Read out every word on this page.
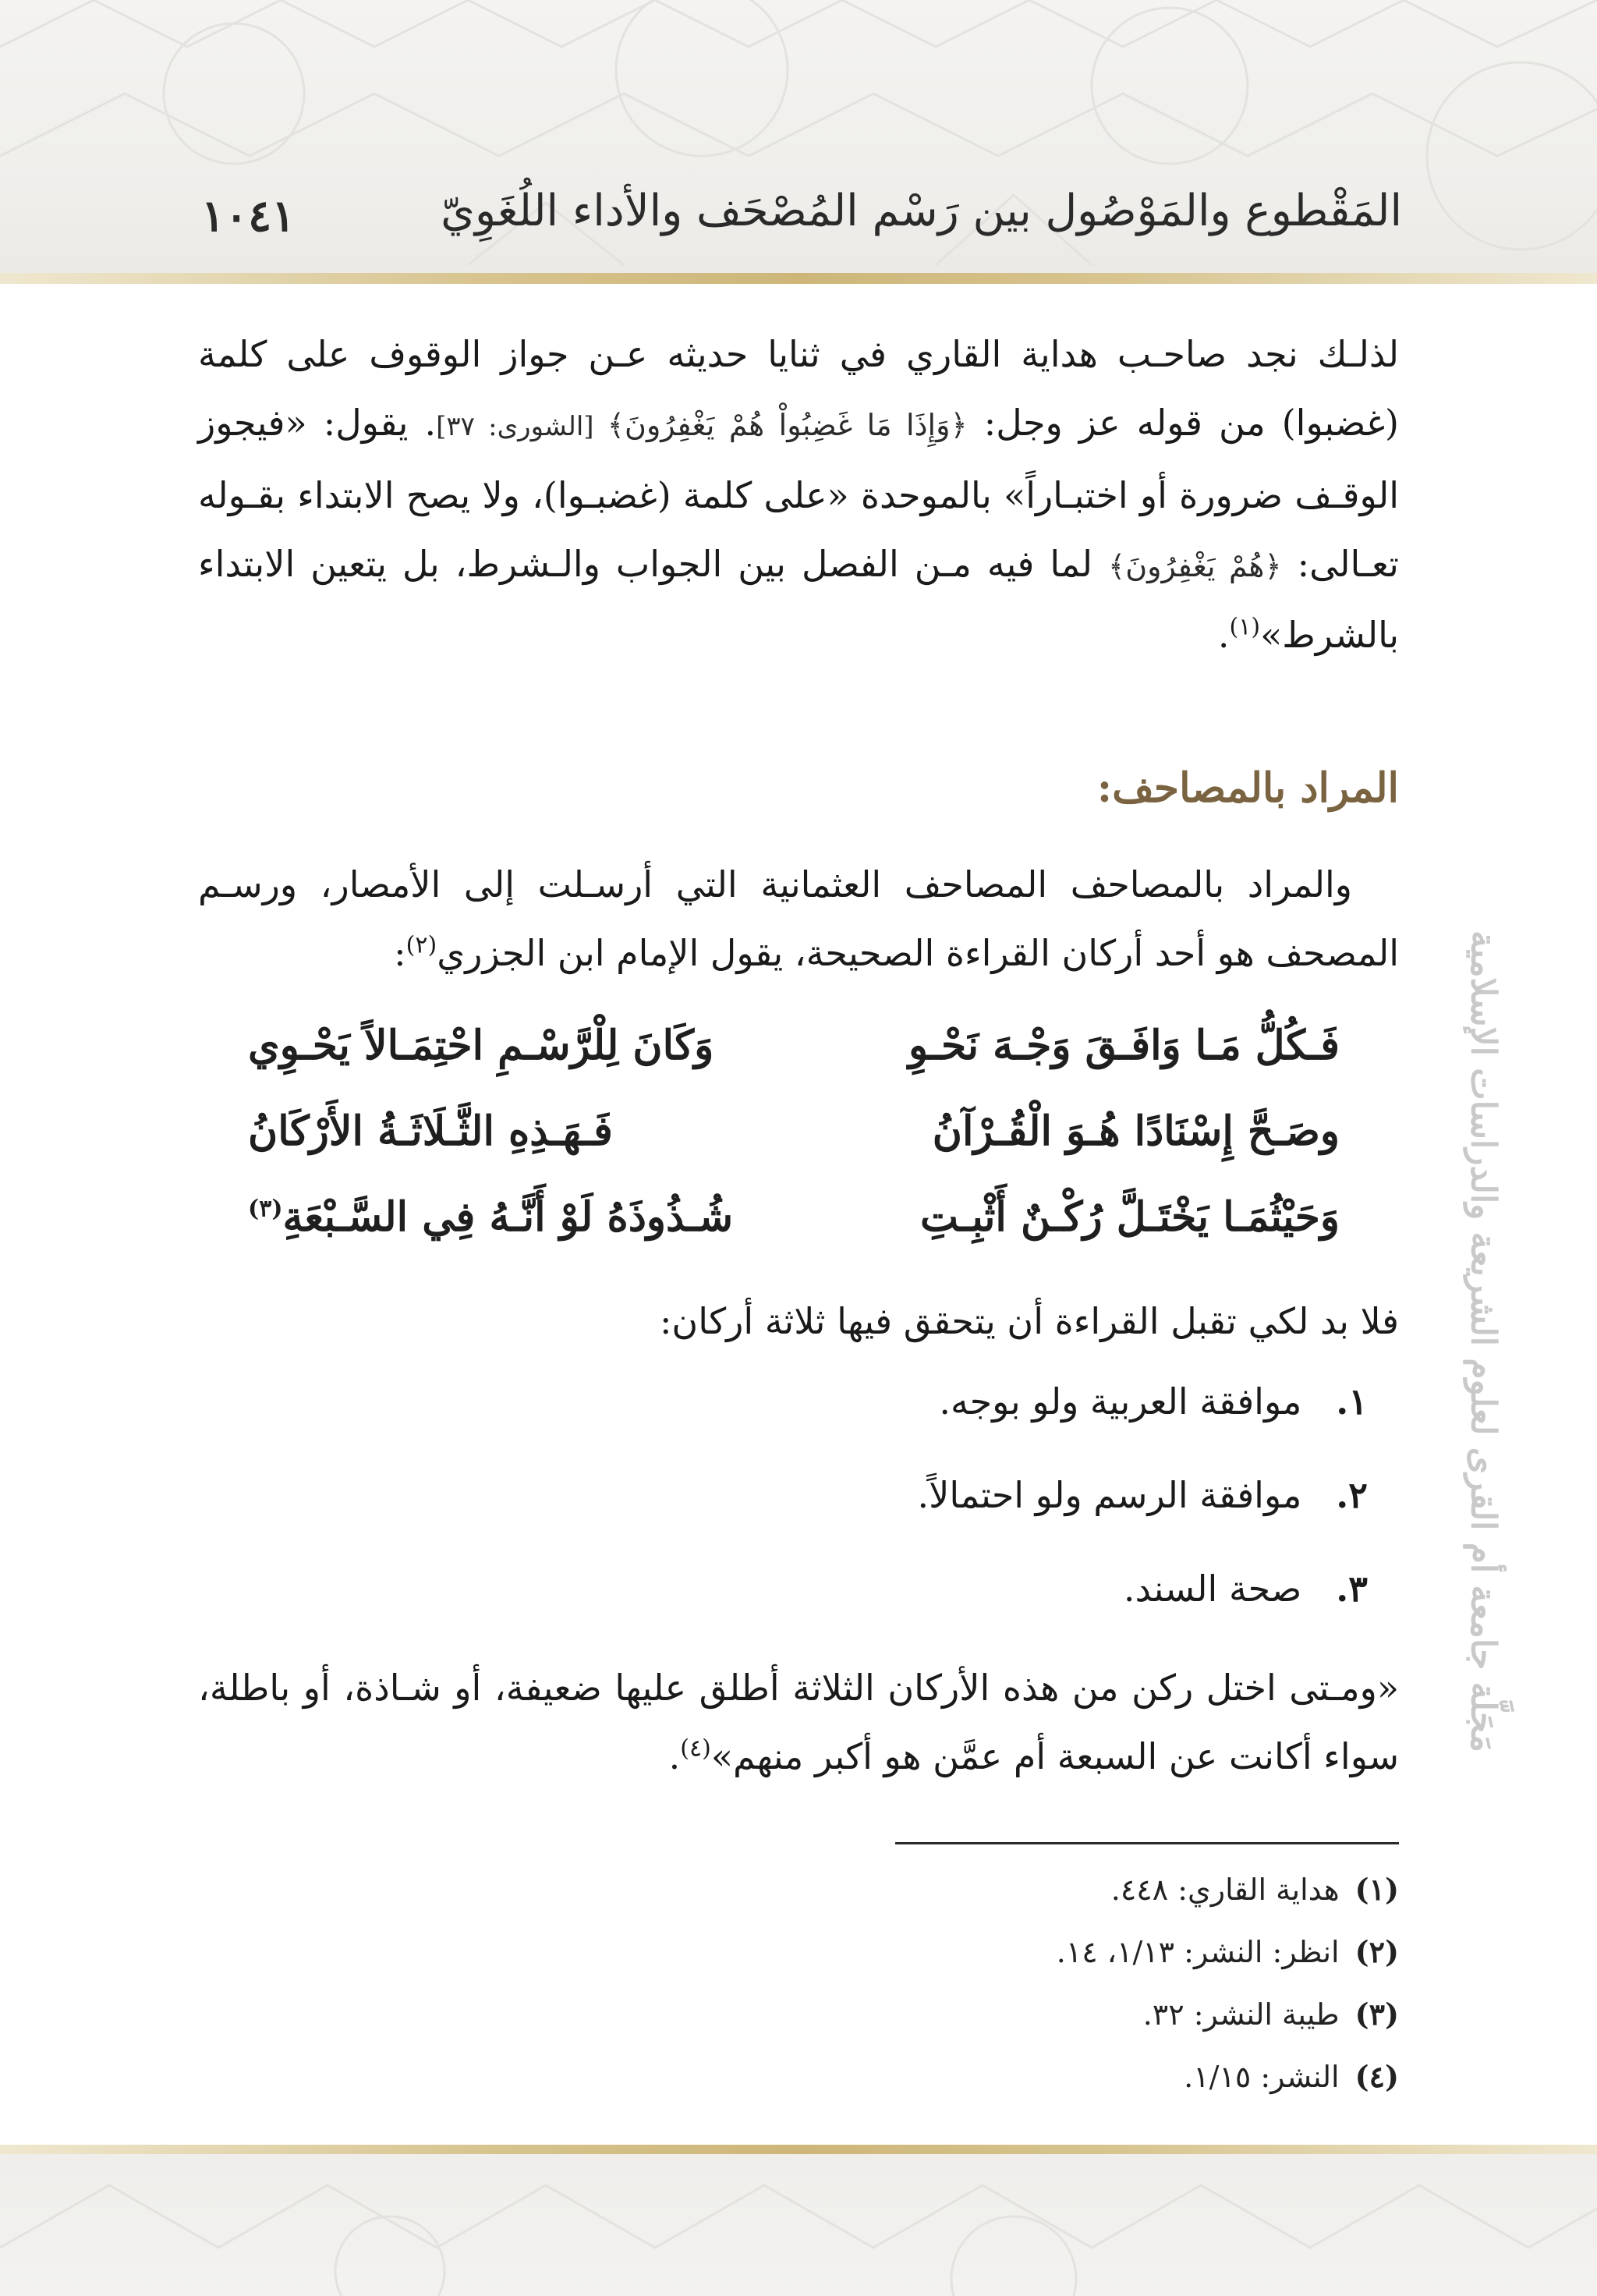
المَقْطوع والمَوْصُول بين رَسْم المُصْحَف والأداء اللُغَوِيّ
١٠٤١
مَجَلَّة جامعة أم القرى لعلوم الشريعة والدراسات الإسلامية
لذلـك نجد صاحـب هداية القاري في ثنايا حديثه عـن جواز الوقوف على كلمة (غضبوا) من قوله عز وجل: ﴿وَإِذَا مَا غَضِبُواْ هُمْ يَغْفِرُونَ﴾ [الشورى: ٣٧]. يقول: «فيجوز الوقـف ضرورة أو اختبـاراً» بالموحدة «على كلمة (غضبـوا)، ولا يصح الابتداء بقـوله تعـالى: ﴿هُمْ يَغْفِرُونَ﴾ لما فيه مـن الفصل بين الجواب والـشرط، بل يتعين الابتداء بالشرط»$^{(١)}$.
المراد بالمصاحف:
والمراد بالمصاحف المصاحف العثمانية التي أرسـلت إلى الأمصار، ورسـم المصحف هو أحد أركان القراءة الصحيحة، يقول الإمام ابن الجزري$^{(٢)}$:
فَـكُلُّ مَـا وَافَـقَ وَجْـهَ نَحْـوِ
وَكَانَ لِلْرَّسْـمِ احْتِمَـالاً يَحْـوِي
وصَـحَّ إِسْنَادًا هُـوَ الْقُـرْآنُ
فَـهَـذِهِ الثَّـلَاثَـةُ الأَرْكَانُ
وَحَيْثُمَـا يَخْتَـلَّ رُكْـنٌ أَثْبِـتِ
شُـذُوذَهُ لَوْ أَنَّـهُ فِي السَّـبْعَةِ$^{(٣)}$
فلا بد لكي تقبل القراءة أن يتحقق فيها ثلاثة أركان:
١. موافقة العربية ولو بوجه.
٢. موافقة الرسم ولو احتمالاً.
٣. صحة السند.
«ومـتى اختل ركن من هذه الأركان الثلاثة أطلق عليها ضعيفة، أو شـاذة، أو باطلة، سواء أكانت عن السبعة أم عمَّن هو أكبر منهم»$^{(٤)}$.
(١)هداية القاري: ٤٤٨.
(٢)انظر: النشر: ١/١٣، ١٤.
(٣)طيبة النشر: ٣٢.
(٤)النشر: ١/١٥.
